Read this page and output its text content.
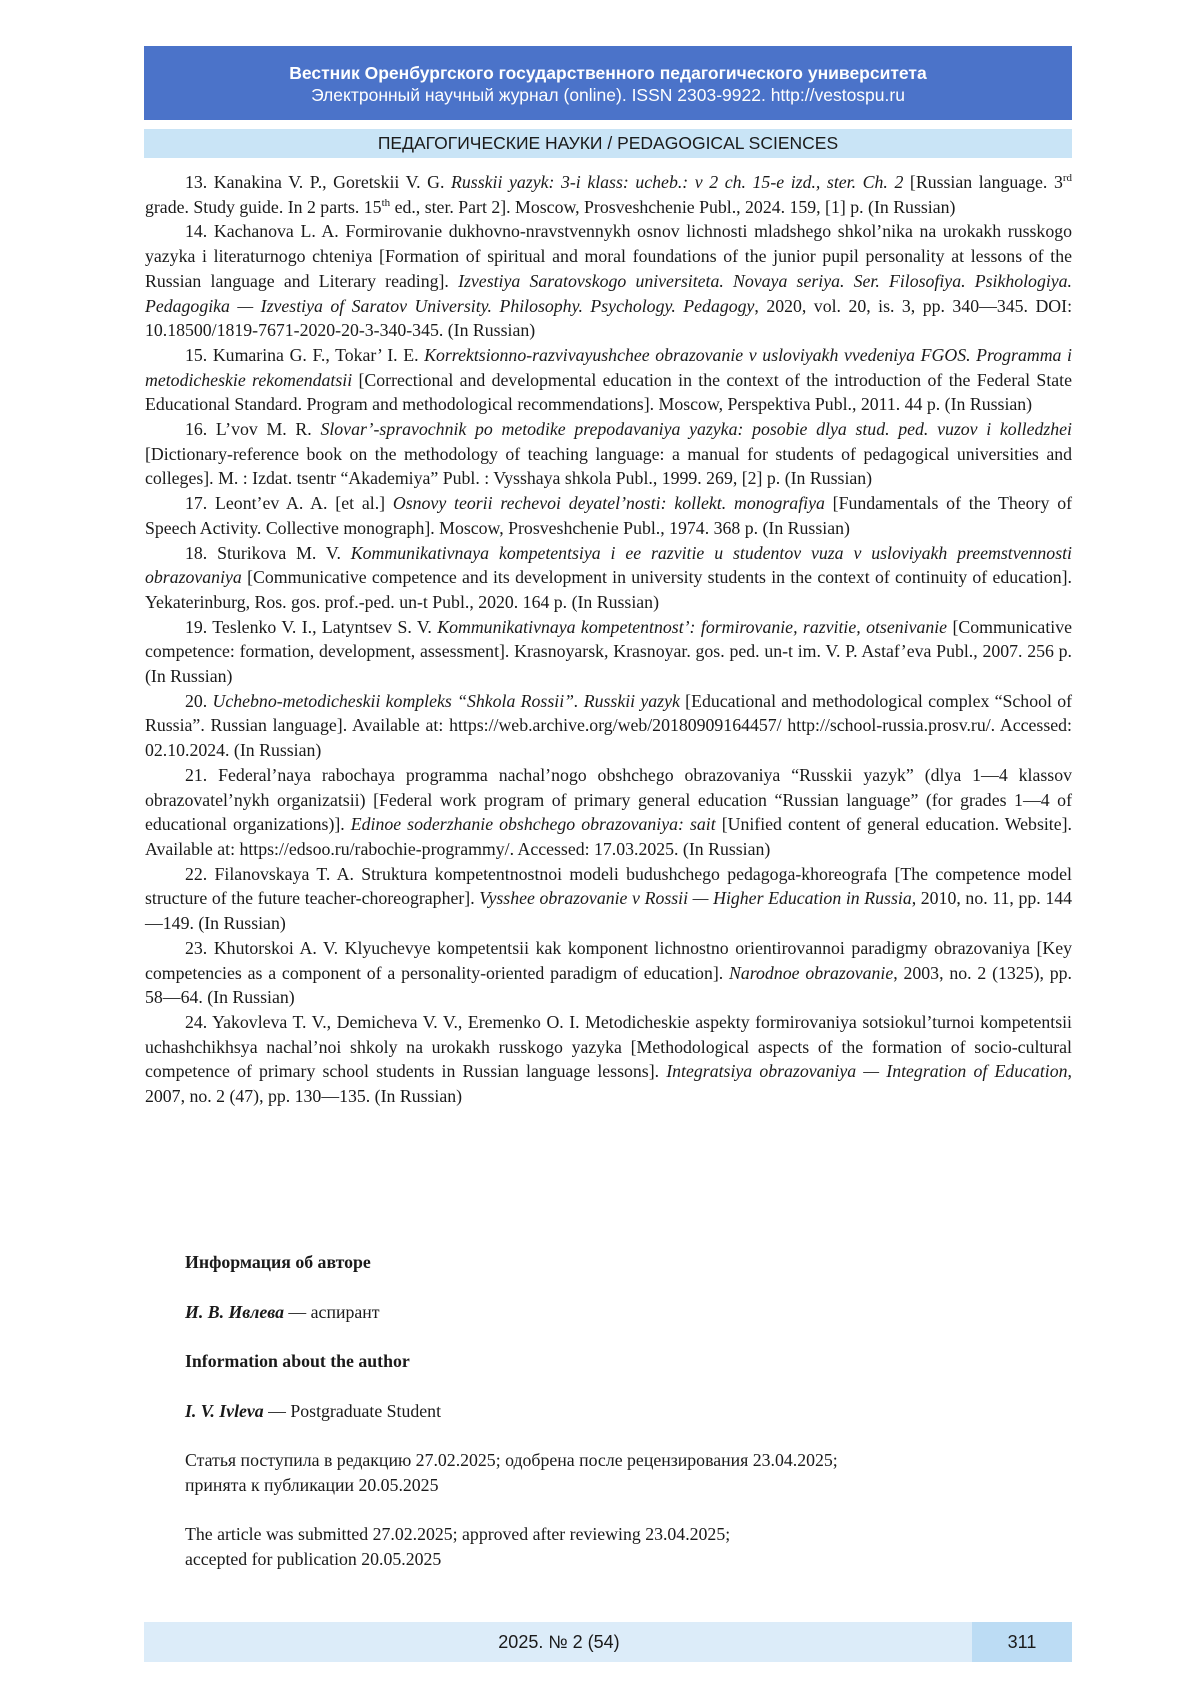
Вестник Оренбургского государственного педагогического университета
Электронный научный журнал (online). ISSN 2303-9922. http://vestospu.ru
ПЕДАГОГИЧЕСКИЕ НАУКИ / PEDAGOGICAL SCIENCES

13. Kanakina V. P., Goretskii V. G. Russkii yazyk: 3-i klass: ucheb.: v 2 ch. 15-e izd., ster. Ch. 2 [Russian language. 3rd grade. Study guide. In 2 parts. 15th ed., ster. Part 2]. Moscow, Prosveshchenie Publ., 2024. 159, [1] p. (In Russian)

14. Kachanova L. A. Formirovanie dukhovno-nravstvennykh osnov lichnosti mladshego shkol’nika na urokakh russkogo yazyka i literaturnogo chteniya [Formation of spiritual and moral foundations of the junior pupil personality at lessons of the Russian language and Literary reading]. Izvestiya Saratovskogo universiteta. Novaya seriya. Ser. Filosofiya. Psikhologiya. Pedagogika — Izvestiya of Saratov University. Philosophy. Psychology. Pedagogy, 2020, vol. 20, is. 3, pp. 340—345. DOI: 10.18500/1819-7671-2020-20-3-340-345. (In Russian)

15. Kumarina G. F., Tokar’ I. E. Korrektsionno-razvivayushchee obrazovanie v usloviyakh vvedeniya FGOS. Programma i metodicheskie rekomendatsii [Correctional and developmental education in the context of the introduction of the Federal State Educational Standard. Program and methodological recommendations]. Moscow, Perspektiva Publ., 2011. 44 p. (In Russian)

16. L’vov M. R. Slovar’-spravochnik po metodike prepodavaniya yazyka: posobie dlya stud. ped. vuzov i kolledzhei [Dictionary-reference book on the methodology of teaching language: a manual for students of pedagogical universities and colleges]. M. : Izdat. tsentr “Akademiya” Publ. : Vysshaya shkola Publ., 1999. 269, [2] p. (In Russian)

17. Leont’ev A. A. [et al.] Osnovy teorii rechevoi deyatel’nosti: kollekt. monografiya [Fundamentals of the Theory of Speech Activity. Collective monograph]. Moscow, Prosveshchenie Publ., 1974. 368 p. (In Russian)

18. Sturikova M. V. Kommunikativnaya kompetentsiya i ee razvitie u studentov vuza v usloviyakh preemstvennosti obrazovaniya [Communicative competence and its development in university students in the context of continuity of education]. Yekaterinburg, Ros. gos. prof.-ped. un-t Publ., 2020. 164 p. (In Russian)

19. Teslenko V. I., Latyntsev S. V. Kommunikativnaya kompetentnost’: formirovanie, razvitie, otsenivanie [Communicative competence: formation, development, assessment]. Krasnoyarsk, Krasnoyar. gos. ped. un-t im. V. P. Astaf’eva Publ., 2007. 256 p. (In Russian)

20. Uchebno-metodicheskii kompleks “Shkola Rossii”. Russkii yazyk [Educational and methodological complex “School of Russia”. Russian language]. Available at: https://web.archive.org/web/20180909164457/ http://school-russia.prosv.ru/. Accessed: 02.10.2024. (In Russian)

21. Federal’naya rabochaya programma nachal’nogo obshchego obrazovaniya “Russkii yazyk” (dlya 1—4 klassov obrazovatel’nykh organizatsii) [Federal work program of primary general education “Russian language” (for grades 1—4 of educational organizations)]. Edinoe soderzhanie obshchego obrazovaniya: sait [Unified content of general education. Website]. Available at: https://edsoo.ru/rabochie-programmy/. Accessed: 17.03.2025. (In Russian)

22. Filanovskaya T. A. Struktura kompetentnostnoi modeli budushchego pedagoga-khoreografa [The competence model structure of the future teacher-choreographer]. Vysshee obrazovanie v Rossii — Higher Education in Russia, 2010, no. 11, pp. 144—149. (In Russian)

23. Khutorskoi A. V. Klyuchevye kompetentsii kak komponent lichnostno orientirovannoi paradigmy obrazovaniya [Key competencies as a component of a personality-oriented paradigm of education]. Narodnoe obrazovanie, 2003, no. 2 (1325), pp. 58—64. (In Russian)

24. Yakovleva T. V., Demicheva V. V., Eremenko O. I. Metodicheskie aspekty formirovaniya sotsiokul’turnoi kompetentsii uchashchikhsya nachal’noi shkoly na urokakh russkogo yazyka [Methodological aspects of the formation of socio-cultural competence of primary school students in Russian language lessons]. Integratsiya obrazovaniya — Integration of Education, 2007, no. 2 (47), pp. 130—135. (In Russian)

Информация об авторе

И. В. Ивлева — аспирант

Information about the author

I. V. Ivleva — Postgraduate Student

Статья поступила в редакцию 27.02.2025; одобрена после рецензирования 23.04.2025;

принята к публикации 20.05.2025

The article was submitted 27.02.2025; approved after reviewing 23.04.2025;

accepted for publication 20.05.2025

2025. № 2 (54)	311
